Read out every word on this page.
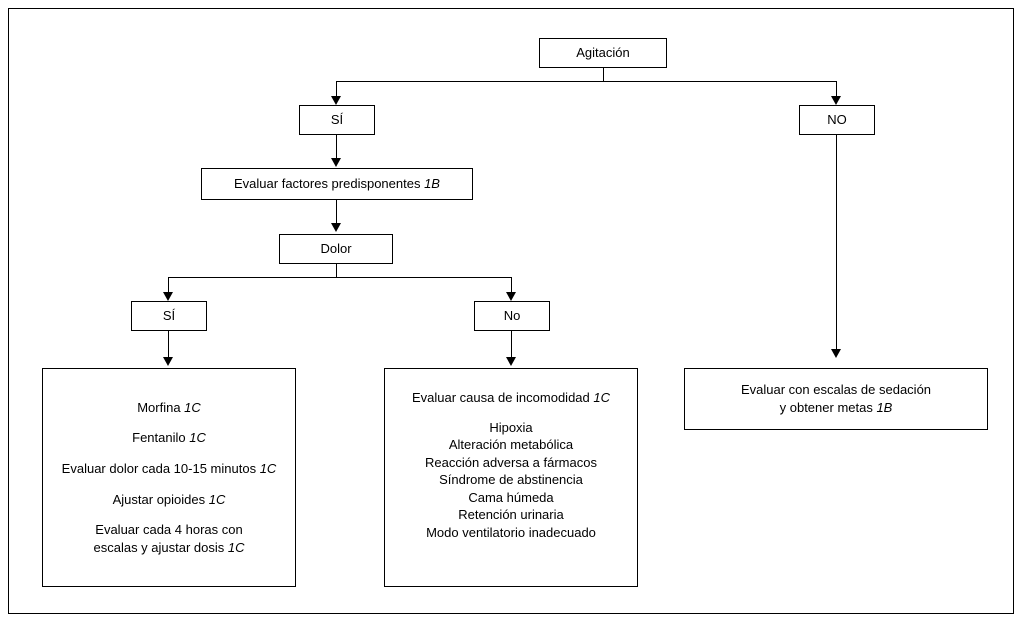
Agitación
SÍ	NO
Evaluar factores predisponentes 1B
Dolor
SÍ	No

Morfina 1C

Fentanilo 1C

Evaluar dolor cada 10-15 minutos 1C

Ajustar opioides 1C

Evaluar cada 4 horas con
escalas y ajustar dosis 1C

Evaluar causa de incomodidad 1C

Hipoxia

Alteración metabólica

Reacción adversa a fármacos

Síndrome de abstinencia

Cama húmeda

Retención urinaria

Modo ventilatorio inadecuado

Evaluar con escalas de sedación

y obtener metas 1B
